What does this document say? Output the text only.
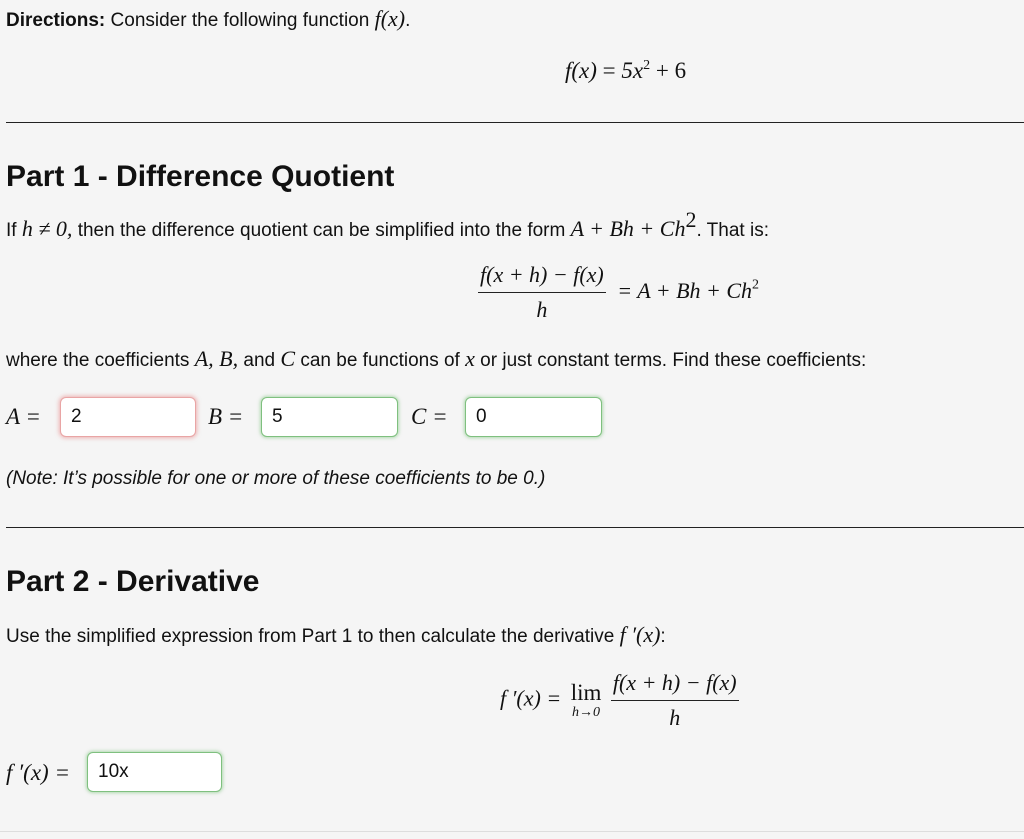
Directions: Consider the following function f(x).
$f(x) = 5x^2 + 6$
Part 1 - Difference Quotient
If h ≠ 0, then the difference quotient can be simplified into the form $A + Bh + Ch^2$. That is:
$\frac{f(x + h) - f(x)}{h} = A + Bh + Ch^2$
where the coefficients A, B, and C can be functions of x or just constant terms. Find these coefficients:
A =
2	B =
5	C =
0
(Note: It’s possible for one or more of these coefficients to be 0.)
Part 2 - Derivative
Use the simplified expression from Part 1 to then calculate the derivative f ′(x):
f ′(x) = lim
h→0
$\frac{f(x + h) - f(x)}{h}$
f ′(x) =
10x
